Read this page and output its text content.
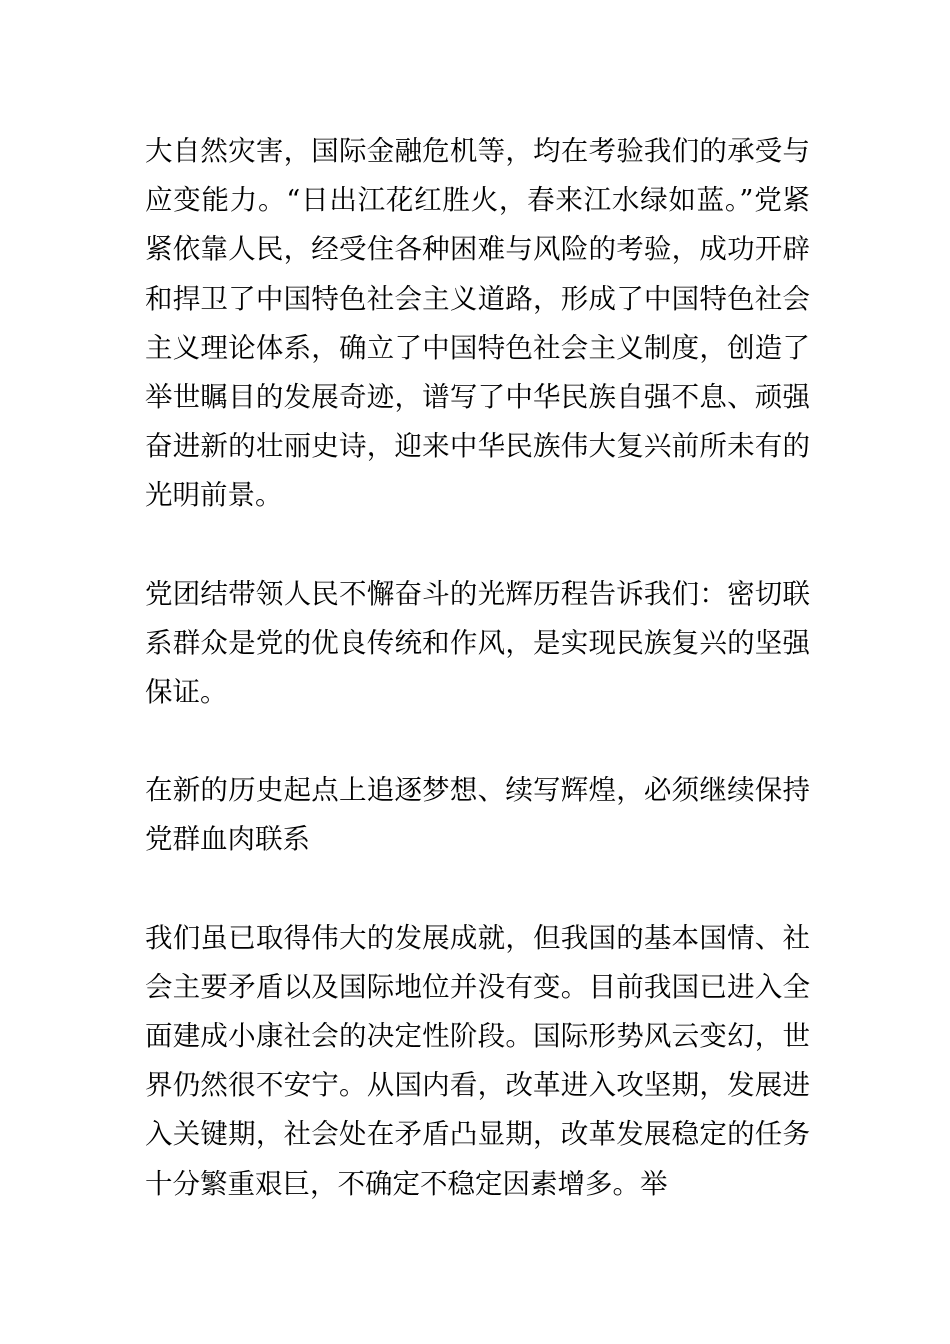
大自然灾害，国际金融危机等，均在考验我们的承受与应变能力。“日出江花红胜火，春来江水绿如蓝。”党紧紧依靠人民，经受住各种困难与风险的考验，成功开辟和捍卫了中国特色社会主义道路，形成了中国特色社会主义理论体系，确立了中国特色社会主义制度，创造了举世瞩目的发展奇迹，谱写了中华民族自强不息、顽强奋进新的壮丽史诗，迎来中华民族伟大复兴前所未有的光明前景。

党团结带领人民不懈奋斗的光辉历程告诉我们：密切联系群众是党的优良传统和作风，是实现民族复兴的坚强保证。

在新的历史起点上追逐梦想、续写辉煌，必须继续保持党群血肉联系

我们虽已取得伟大的发展成就，但我国的基本国情、社会主要矛盾以及国际地位并没有变。目前我国已进入全面建成小康社会的决定性阶段。国际形势风云变幻，世界仍然很不安宁。从国内看，改革进入攻坚期，发展进入关键期，社会处在矛盾凸显期，改革发展稳定的任务十分繁重艰巨，不确定不稳定因素增多。举
